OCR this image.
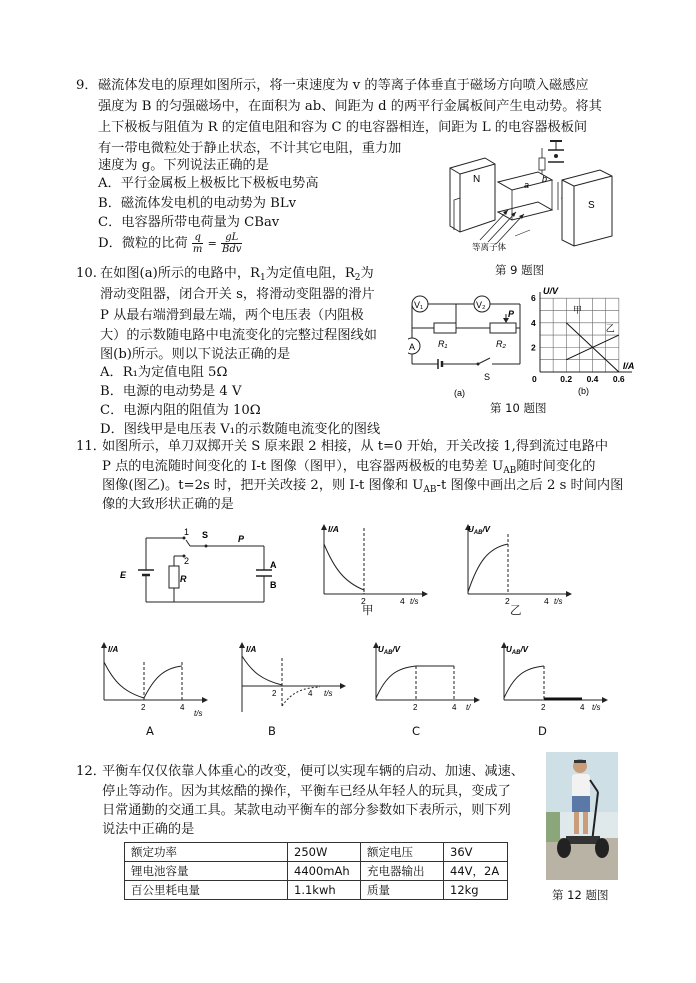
9． 磁流体发电的原理如图所示，将一束速度为 v 的等离子体垂直于磁场方向喷入磁感应
强度为 B 的匀强磁场中，在面积为 ab、间距为 d 的两平行金属板间产生电动势。将其
上下极板与阻值为 R 的定值电阻和容为 C 的电容器相连，间距为 L 的电容器极板间
有一带电微粒处于静止状态，不计其它电阻，重力加
速度为 g。下列说法正确的是
A．平行金属板上极板比下极板电势高
B．磁流体发电机的电动势为 BLv
C．电容器所带电荷量为 CBav
D．微粒的比荷 $\frac{q}{m} = \frac{gL}{\text{Bdv}}$
N	a
b
S
等离子体
第 9 题图
10. 在如图(a)所示的电路中，$R_1$为定值电阻，$R_2$为
滑动变阻器，闭合开关 s，将滑动变阻器的滑片
P 从最右端滑到最左端，两个电压表（内阻极
大）的示数随电路中电流变化的完整过程图线如
图(b)所示。则以下说法正确的是
A．R₁为定值电阻 5Ω
B．电源的电动势是 4 V
C．电源内阻的阻值为 10Ω
D．图线甲是电压表 V₁的示数随电流变化的图线
V₁	V₂
R₁
P
R₂
A
S
(a)
0	0.2 0.4 0.6
2
4
6
U/V
I/A
甲
乙
(b)
第 10 题图
11．
如图所示，单刀双掷开关 S 原来跟 2 相接，从 t=0 开始，开关改接 1,得到流过电路中
P 点的电流随时间变化的 I-t 图像（图甲），电容器两极板的电势差 $U_{AB}$随时间变化的
图像(图乙)。t=2s 时，把开关改接 2，则 I-t 图像和 $U_{AB}-t$ 图像中画出之后 2 s 时间内图
像的大致形状正确的是
E
1
2
R
S	P
A
B
I/A
2	4 t/s
甲
$U_{AB}/V$
2	4 t/s
乙
I/A
2	4
t/s
A
I/A
2	4 t/s
B
$U_{AB}/V$
2	4 t/
C
$U_{AB}/V$
2	4 t/s
D
12．
平衡车仅仅依靠人体重心的改变，便可以实现车辆的启动、加速、减速、
停止等动作。因为其炫酷的操作，平衡车已经从年轻人的玩具，变成了
日常通勤的交通工具。某款电动平衡车的部分参数如下表所示，则下列
说法中正确的是
额定功率	250W	额定电压	36V
锂电池容量	4400mAh	充电器输出	44V，2A
百公里耗电量	1.1kwh	质量	12kg	第 12 题图
